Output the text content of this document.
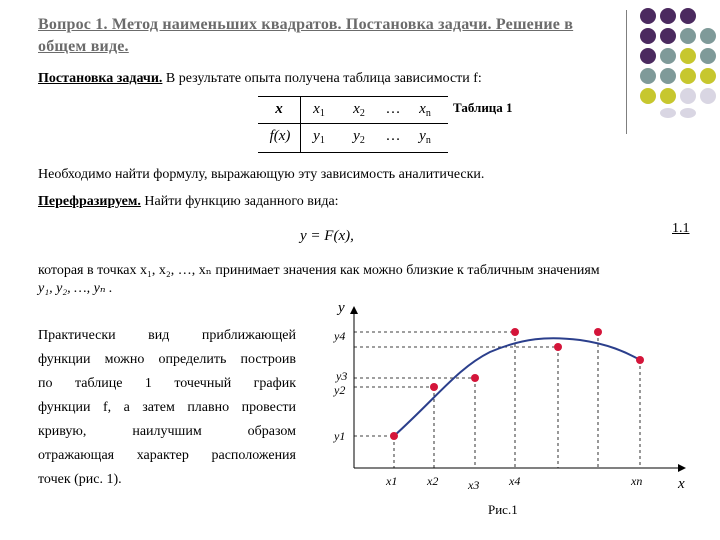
Вопрос 1. Метод наименьших квадратов. Постановка задачи. Решение в общем виде.
Постановка задачи. В результате опыта получена таблица зависимости f:
x	$x_1$	$x_2$	…	$x_n$
f(x)	$y_1$	$y_2$	…	$y_n$
Таблица 1
Необходимо найти формулу, выражающую эту зависимость аналитически.
Перефразируем. Найти функцию заданного вида:
y = F(x),	1.1
которая в точках x₁, x₂, …, xₙ принимает значения как можно близкие к табличным значениям
y₁, y₂, …, yₙ .
Практически вид приближающей
функции можно определить построив
по таблице 1 точечный график
функции f, а затем плавно провести
кривую, наилучшим образом
отражающая характер расположения
точек (рис. 1).
y
x
y4
y3
y2
y1
x1 x2 x3 x4	xn
Рис.1
